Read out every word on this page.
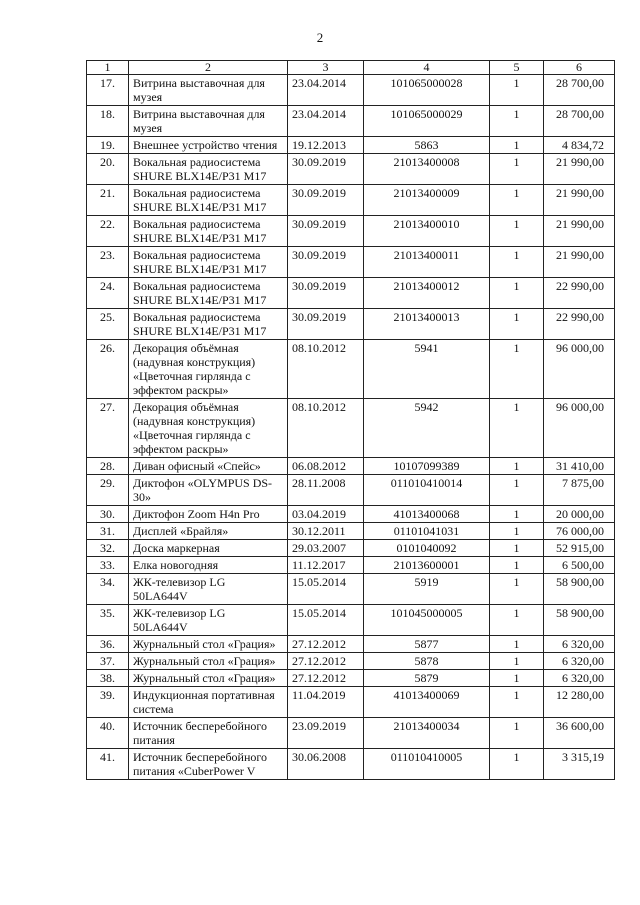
2
1	2	3	4	5	6
17.	Витрина выставочная для музея	23.04.2014	101065000028	1	28 700,00
18.	Витрина выставочная для музея	23.04.2014	101065000029	1	28 700,00
19.	Внешнее устройство чтения	19.12.2013	5863	1	4 834,72
20.	Вокальная радиосистема SHURE BLX14E/P31 M17	30.09.2019	21013400008	1	21 990,00
21.	Вокальная радиосистема SHURE BLX14E/P31 M17	30.09.2019	21013400009	1	21 990,00
22.	Вокальная радиосистема SHURE BLX14E/P31 M17	30.09.2019	21013400010	1	21 990,00
23.	Вокальная радиосистема SHURE BLX14E/P31 M17	30.09.2019	21013400011	1	21 990,00
24.	Вокальная радиосистема SHURE BLX14E/P31 M17	30.09.2019	21013400012	1	22 990,00
25.	Вокальная радиосистема SHURE BLX14E/P31 M17	30.09.2019	21013400013	1	22 990,00
26.	Декорация объёмная (надувная конструкция) «Цветочная гирлянда с эффектом раскры»	08.10.2012	5941	1	96 000,00
27.	Декорация объёмная (надувная конструкция) «Цветочная гирлянда с эффектом раскры»	08.10.2012	5942	1	96 000,00
28.	Диван офисный «Спейс»	06.08.2012	10107099389	1	31 410,00
29.	Диктофон «OLYMPUS DS-30»	28.11.2008	011010410014	1	7 875,00
30.	Диктофон Zoom H4n Pro	03.04.2019	41013400068	1	20 000,00
31.	Дисплей «Брайля»	30.12.2011	01101041031	1	76 000,00
32.	Доска маркерная	29.03.2007	0101040092	1	52 915,00
33.	Елка новогодняя	11.12.2017	21013600001	1	6 500,00
34.	ЖК-телевизор LG 50LA644V	15.05.2014	5919	1	58 900,00
35.	ЖК-телевизор LG 50LA644V	15.05.2014	101045000005	1	58 900,00
36.	Журнальный стол «Грация»	27.12.2012	5877	1	6 320,00
37.	Журнальный стол «Грация»	27.12.2012	5878	1	6 320,00
38.	Журнальный стол «Грация»	27.12.2012	5879	1	6 320,00
39.	Индукционная портативная система	11.04.2019	41013400069	1	12 280,00
40.	Источник бесперебойного питания	23.09.2019	21013400034	1	36 600,00
41.	Источник бесперебойного питания «CuberPower V	30.06.2008	011010410005	1	3 315,19
